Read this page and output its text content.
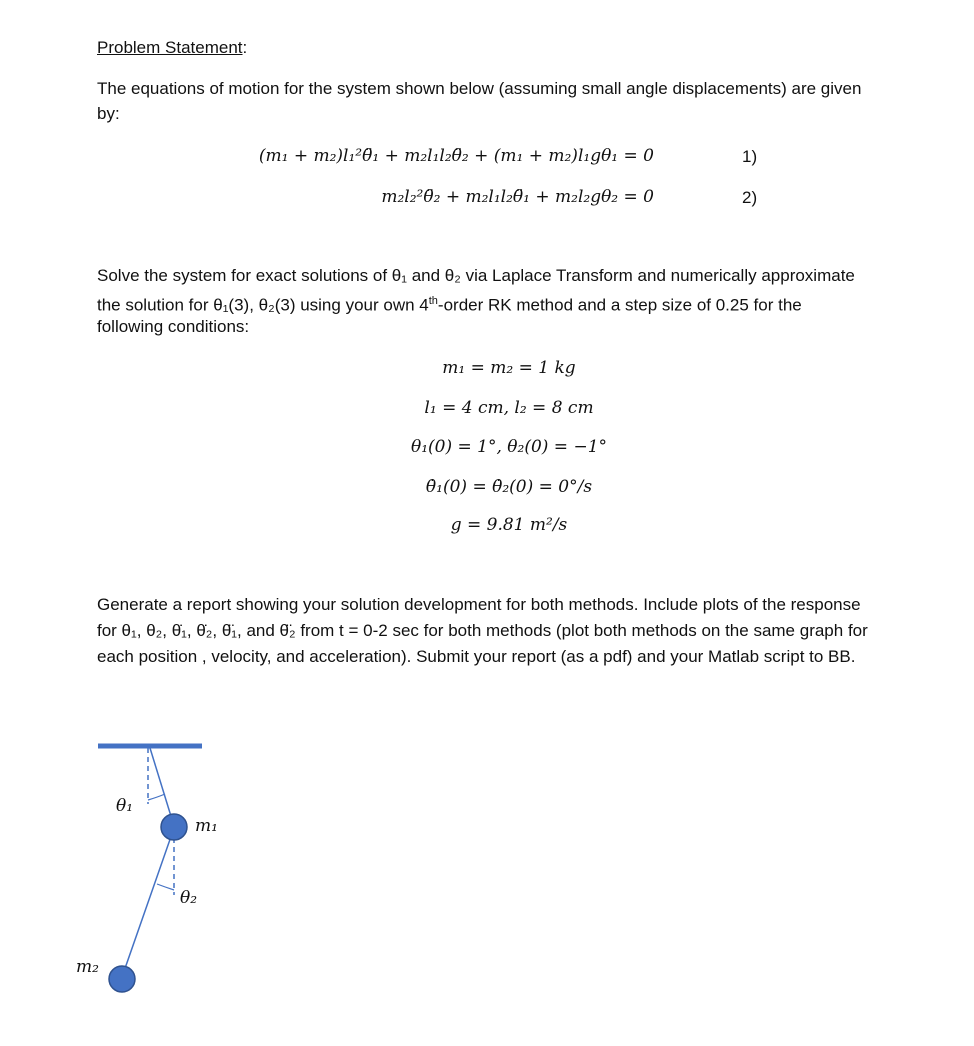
Problem Statement:
The equations of motion for the system shown below (assuming small angle displacements) are given
by:
(m₁ + m₂)l₁²θ̈₁ + m₂l₁l₂θ̈₂ + (m₁ + m₂)l₁gθ₁ = 0	1)
m₂l₂²θ̈₂ + m₂l₁l₂θ̈₁ + m₂l₂gθ₂ = 0	2)
Solve the system for exact solutions of θ₁ and θ₂ via Laplace Transform and numerically approximate
the solution for θ₁(3), θ₂(3) using your own 4th-order RK method and a step size of 0.25 for the
following conditions:
m₁ = m₂ = 1 kg
l₁ = 4 cm, l₂ = 8 cm
θ₁(0) = 1°, θ₂(0) = −1°
θ̇₁(0) = θ̇₂(0) = 0°/s
g = 9.81 m²/s
Generate a report showing your solution development for both methods. Include plots of the response
for θ₁, θ₂, θ̇₁, θ̇₂, θ̈₁, and θ̈₂ from t = 0-2 sec for both methods (plot both methods on the same graph for
each position , velocity, and acceleration). Submit your report (as a pdf) and your Matlab script to BB.
θ₁
m₁
θ₂
m₂
